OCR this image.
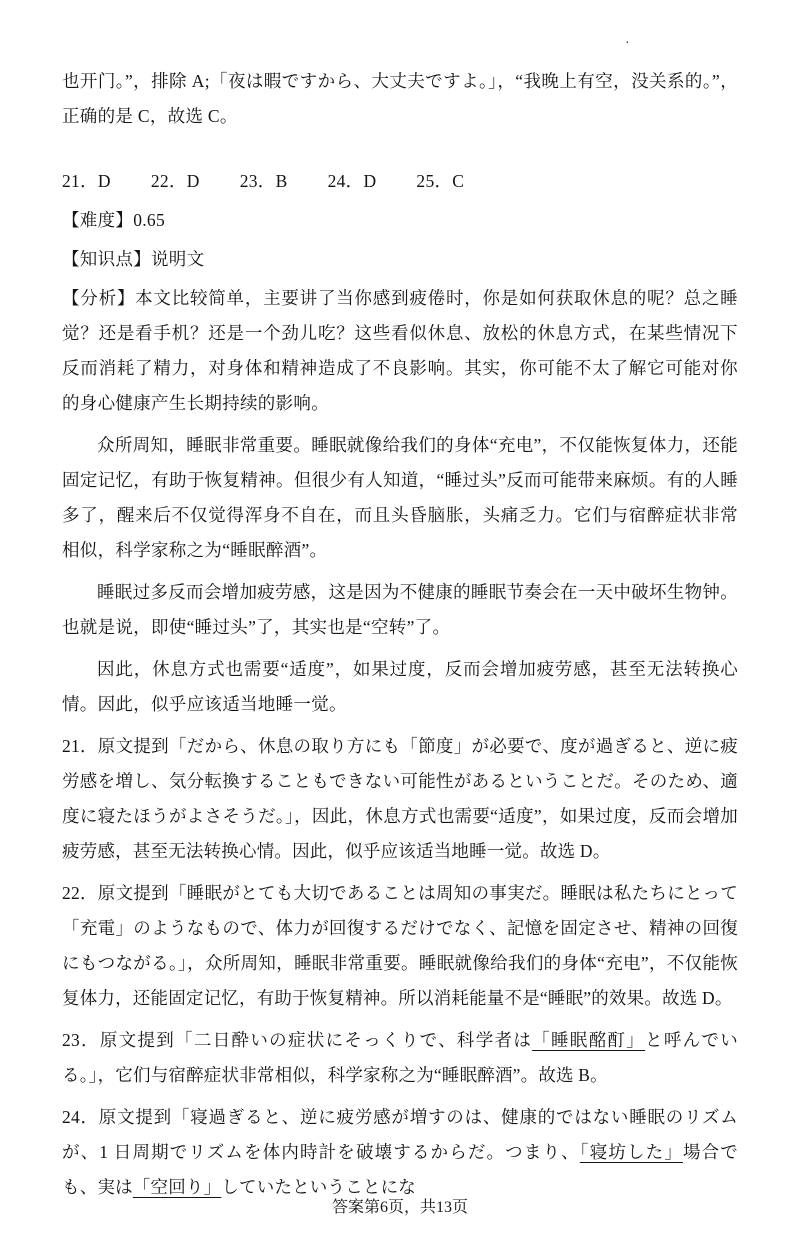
·

也开门。”，排除 A;「夜は暇ですから、大丈夫ですよ。」，“我晚上有空，没关系的。”，正确的是 C，故选 C。

21．D 22．D 23．B 24．D 25．C

【难度】0.65

【知识点】说明文

【分析】本文比较简单，主要讲了当你感到疲倦时，你是如何获取休息的呢？总之睡觉？还是看手机？还是一个劲儿吃？这些看似休息、放松的休息方式，在某些情况下反而消耗了精力，对身体和精神造成了不良影响。其实，你可能不太了解它可能对你的身心健康产生长期持续的影响。

众所周知，睡眠非常重要。睡眠就像给我们的身体“充电”，不仅能恢复体力，还能固定记忆，有助于恢复精神。但很少有人知道，“睡过头”反而可能带来麻烦。有的人睡多了，醒来后不仅觉得浑身不自在，而且头昏脑胀，头痛乏力。它们与宿醉症状非常相似，科学家称之为“睡眠醉酒”。

睡眠过多反而会增加疲劳感，这是因为不健康的睡眠节奏会在一天中破坏生物钟。也就是说，即使“睡过头”了，其实也是“空转”了。

因此，休息方式也需要“适度”，如果过度，反而会增加疲劳感，甚至无法转换心情。因此，似乎应该适当地睡一觉。

21．原文提到「だから、休息の取り方にも「節度」が必要で、度が過ぎると、逆に疲労感を増し、気分転換することもできない可能性があるということだ。そのため、適度に寝たほうがよさそうだ。」，因此，休息方式也需要“适度”，如果过度，反而会增加疲劳感，甚至无法转换心情。因此，似乎应该适当地睡一觉。故选 D。

22．原文提到「睡眠がとても大切であることは周知の事実だ。睡眠は私たちにとって「充電」のようなもので、体力が回復するだけでなく、記憶を固定させ、精神の回復にもつながる。」，众所周知，睡眠非常重要。睡眠就像给我们的身体“充电”，不仅能恢复体力，还能固定记忆，有助于恢复精神。所以消耗能量不是“睡眠”的效果。故选 D。

23．原文提到「二日酔いの症状にそっくりで、科学者は「睡眠酩酊」と呼んでいる。」，它们与宿醉症状非常相似，科学家称之为“睡眠醉酒”。故选 B。

24．原文提到「寝過ぎると、逆に疲労感が増すのは、健康的ではない睡眠のリズムが、1 日周期でリズムを体内時計を破壊するからだ。つまり、「寝坊した」場合でも、実は「空回り」していたということにな

答案第6页，共13页
